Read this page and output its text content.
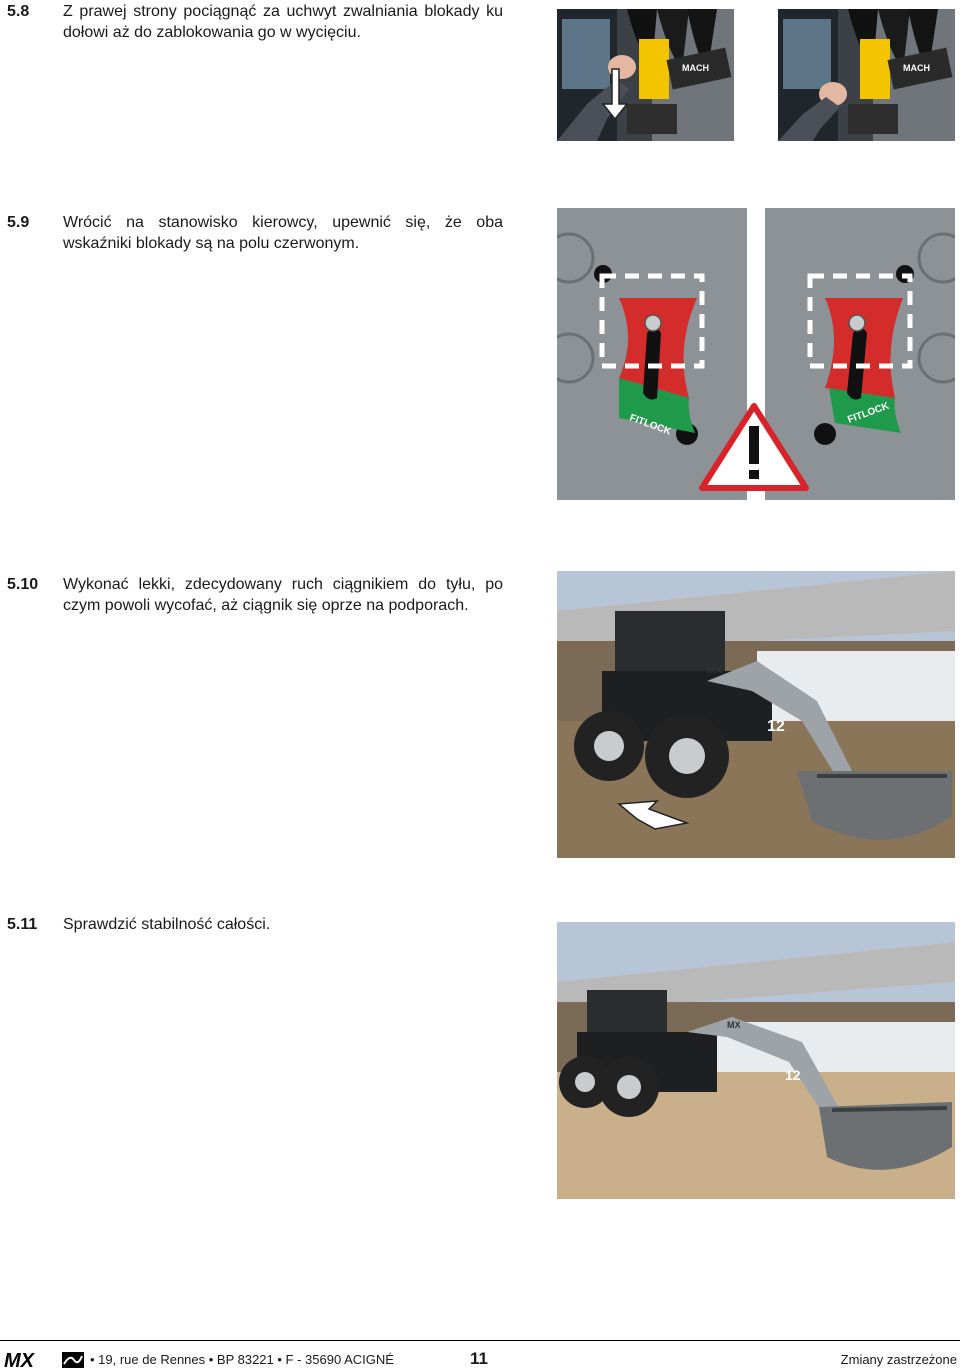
5.8 Z prawej strony pociągnąć za uchwyt zwalniania blokady ku dołowi aż do zablokowania go w wycięciu.
MACH	MACH
5.9 Wrócić na stanowisko kierowcy, upewnić się, że oba wskaźniki blokady są na polu czerwonym.
FITLOCK	FITLOCK
5.10 Wykonać lekki, zdecydowany ruch ciągnikiem do tyłu, po czym powoli wycofać, aż ciągnik się oprze na podporach.
MX
12
5.11 Sprawdzić stabilność całości.
MX
12
MX	• 19, rue de Rennes • BP 83221 • F - 35690 ACIGNÉ	11	Zmiany zastrzeżone
